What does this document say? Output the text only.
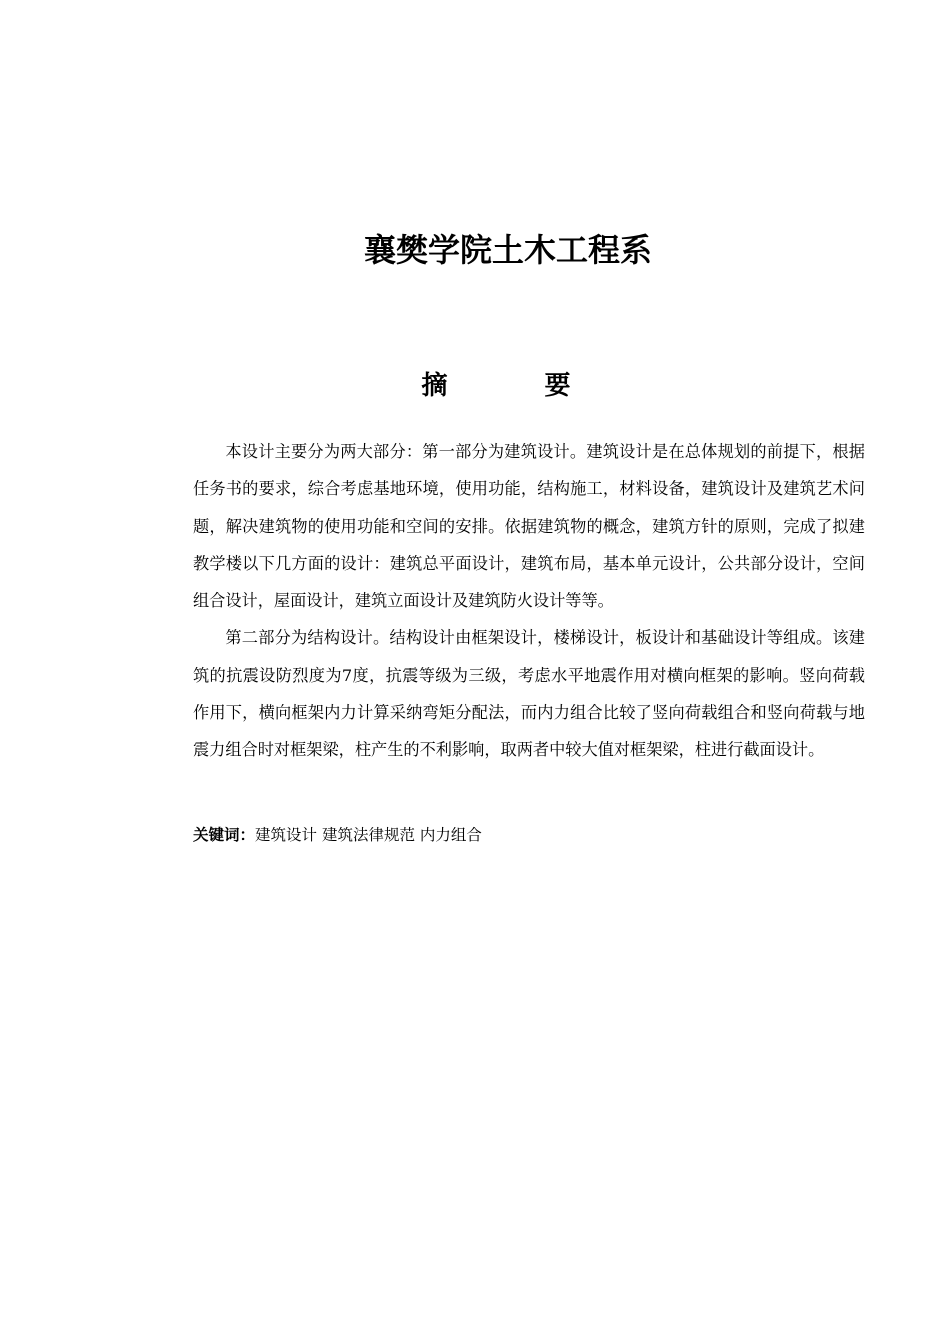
襄樊学院土木工程系
摘 要

本设计主要分为两大部分：第一部分为建筑设计。建筑设计是在总体规划的前提下，根据任务书的要求，综合考虑基地环境，使用功能，结构施工，材料设备，建筑设计及建筑艺术问题，解决建筑物的使用功能和空间的安排。依据建筑物的概念，建筑方针的原则，完成了拟建教学楼以下几方面的设计：建筑总平面设计，建筑布局，基本单元设计，公共部分设计，空间组合设计，屋面设计，建筑立面设计及建筑防火设计等等。

第二部分为结构设计。结构设计由框架设计，楼梯设计，板设计和基础设计等组成。该建筑的抗震设防烈度为7度，抗震等级为三级，考虑水平地震作用对横向框架的影响。竖向荷载作用下，横向框架内力计算采纳弯矩分配法，而内力组合比较了竖向荷载组合和竖向荷载与地震力组合时对框架梁，柱产生的不利影响，取两者中较大值对框架梁，柱进行截面设计。

关键词：建筑设计 建筑法律规范 内力组合
